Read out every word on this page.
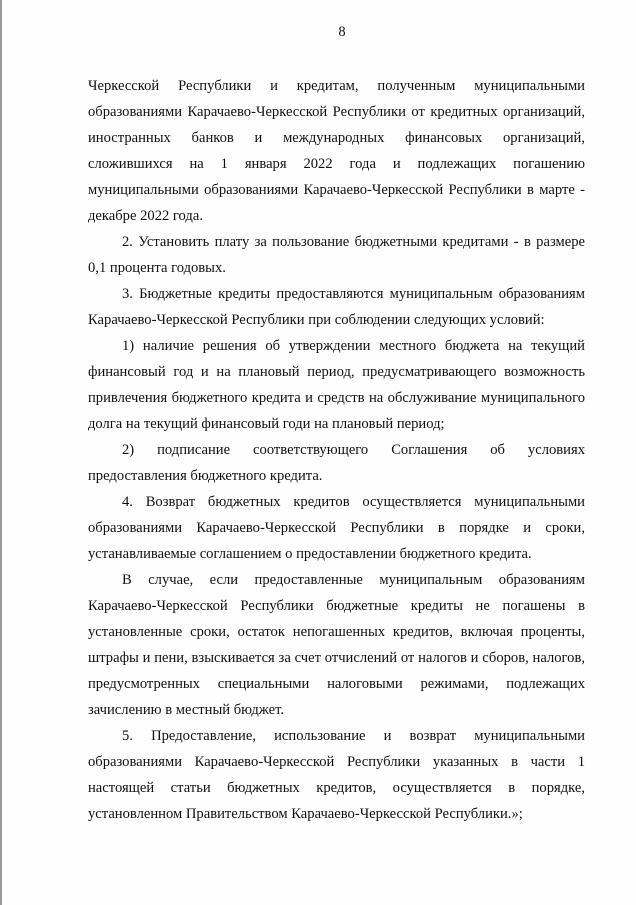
8

Черкесской Республики и кредитам, полученным муниципальными образованиями Карачаево-Черкесской Республики от кредитных организаций, иностранных банков и международных финансовых организаций, сложившихся на 1 января 2022 года и подлежащих погашению муниципальными образованиями Карачаево-Черкесской Республики в марте - декабре 2022 года.

2. Установить плату за пользование бюджетными кредитами - в размере 0,1 процента годовых.

3. Бюджетные кредиты предоставляются муниципальным образованиям Карачаево-Черкесской Республики при соблюдении следующих условий:

1) наличие решения об утверждении местного бюджета на текущий финансовый год и на плановый период, предусматривающего возможность привлечения бюджетного кредита и средств на обслуживание муниципального долга на текущий финансовый годи на плановый период;

2) подписание соответствующего Соглашения об условиях предоставления бюджетного кредита.

4. Возврат бюджетных кредитов осуществляется муниципальными образованиями Карачаево-Черкесской Республики в порядке и сроки, устанавливаемые соглашением о предоставлении бюджетного кредита.

В случае, если предоставленные муниципальным образованиям Карачаево-Черкесской Республики бюджетные кредиты не погашены в установленные сроки, остаток непогашенных кредитов, включая проценты, штрафы и пени, взыскивается за счет отчислений от налогов и сборов, налогов, предусмотренных специальными налоговыми режимами, подлежащих зачислению в местный бюджет.

5. Предоставление, использование и возврат муниципальными образованиями Карачаево-Черкесской Республики указанных в части 1 настоящей статьи бюджетных кредитов, осуществляется в порядке, установленном Правительством Карачаево-Черкесской Республики.»;
